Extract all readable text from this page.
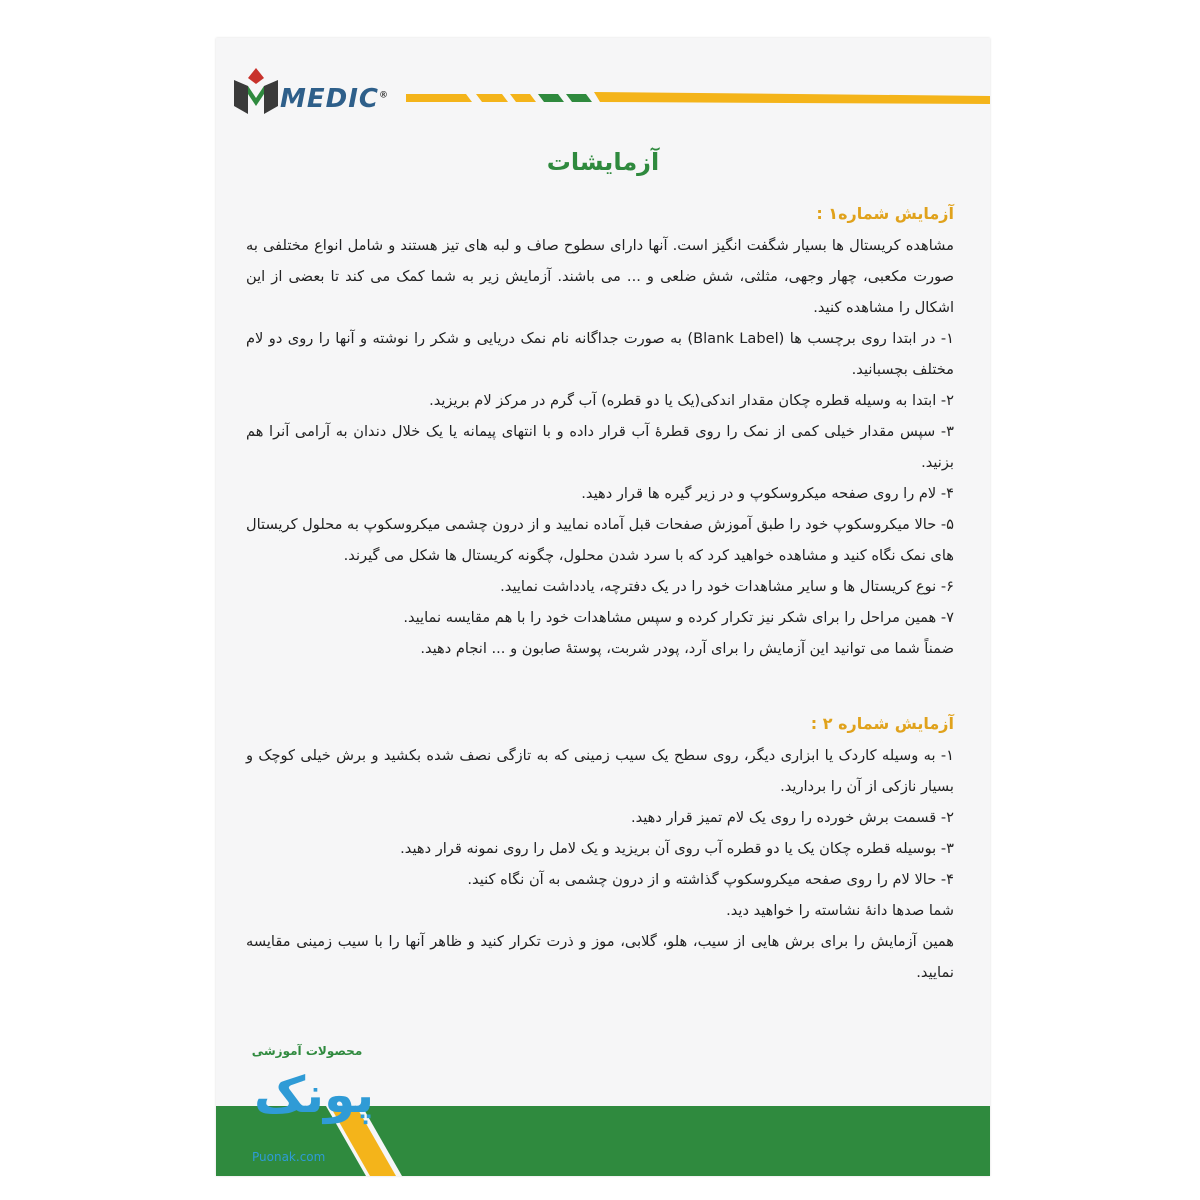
MEDIC®
آزمایشات
آزمایش شماره۱ :

مشاهده کریستال ها بسیار شگفت انگیز است. آنها دارای سطوح صاف و لبه های تیز هستند و شامل انواع مختلفی به صورت مکعبی، چهار وجهی، مثلثی، شش ضلعی و ... می باشند. آزمایش زیر به شما کمک می کند تا بعضی از این اشکال را مشاهده کنید.

۱- در ابتدا روی برچسب ها (Blank Label) به صورت جداگانه نام نمک دریایی و شکر را نوشته و آنها را روی دو لام مختلف بچسبانید.

۲- ابتدا به وسیله قطره چکان مقدار اندکی(یک یا دو قطره) آب گرم در مرکز لام بریزید.

۳- سپس مقدار خیلی کمی از نمک را روی قطرهٔ آب قرار داده و با انتهای پیمانه یا یک خلال دندان به آرامی آنرا هم بزنید.

۴- لام را روی صفحه میکروسکوپ و در زیر گیره ها قرار دهید.

۵- حالا میکروسکوپ خود را طبق آموزش صفحات قبل آماده نمایید و از درون چشمی میکروسکوپ به محلول کریستال های نمک نگاه کنید و مشاهده خواهید کرد که با سرد شدن محلول، چگونه کریستال ها شکل می گیرند.

۶- نوع کریستال ها و سایر مشاهدات خود را در یک دفترچه، یادداشت نمایید.

۷- همین مراحل را برای شکر نیز تکرار کرده و سپس مشاهدات خود را با هم مقایسه نمایید.

ضمناً شما می توانید این آزمایش را برای آرد، پودر شربت، پوستهٔ صابون و ... انجام دهید.

آزمایش شماره ۲ :

۱- به وسیله کاردک یا ابزاری دیگر، روی سطح یک سیب زمینی که به تازگی نصف شده بکشید و برش خیلی کوچک و بسیار نازکی از آن را بردارید.

۲- قسمت برش خورده را روی یک لام تمیز قرار دهید.

۳- بوسیله قطره چکان یک یا دو قطره آب روی آن بریزید و یک لامل را روی نمونه قرار دهید.

۴- حالا لام را روی صفحه میکروسکوپ گذاشته و از درون چشمی به آن نگاه کنید.

شما صدها دانهٔ نشاسته را خواهید دید.

همین آزمایش را برای برش هایی از سیب، هلو، گلابی، موز و ذرت تکرار کنید و ظاهر آنها را با سیب زمینی مقایسه نمایید.

محصولات آموزشی
پونک
Puonak.com
